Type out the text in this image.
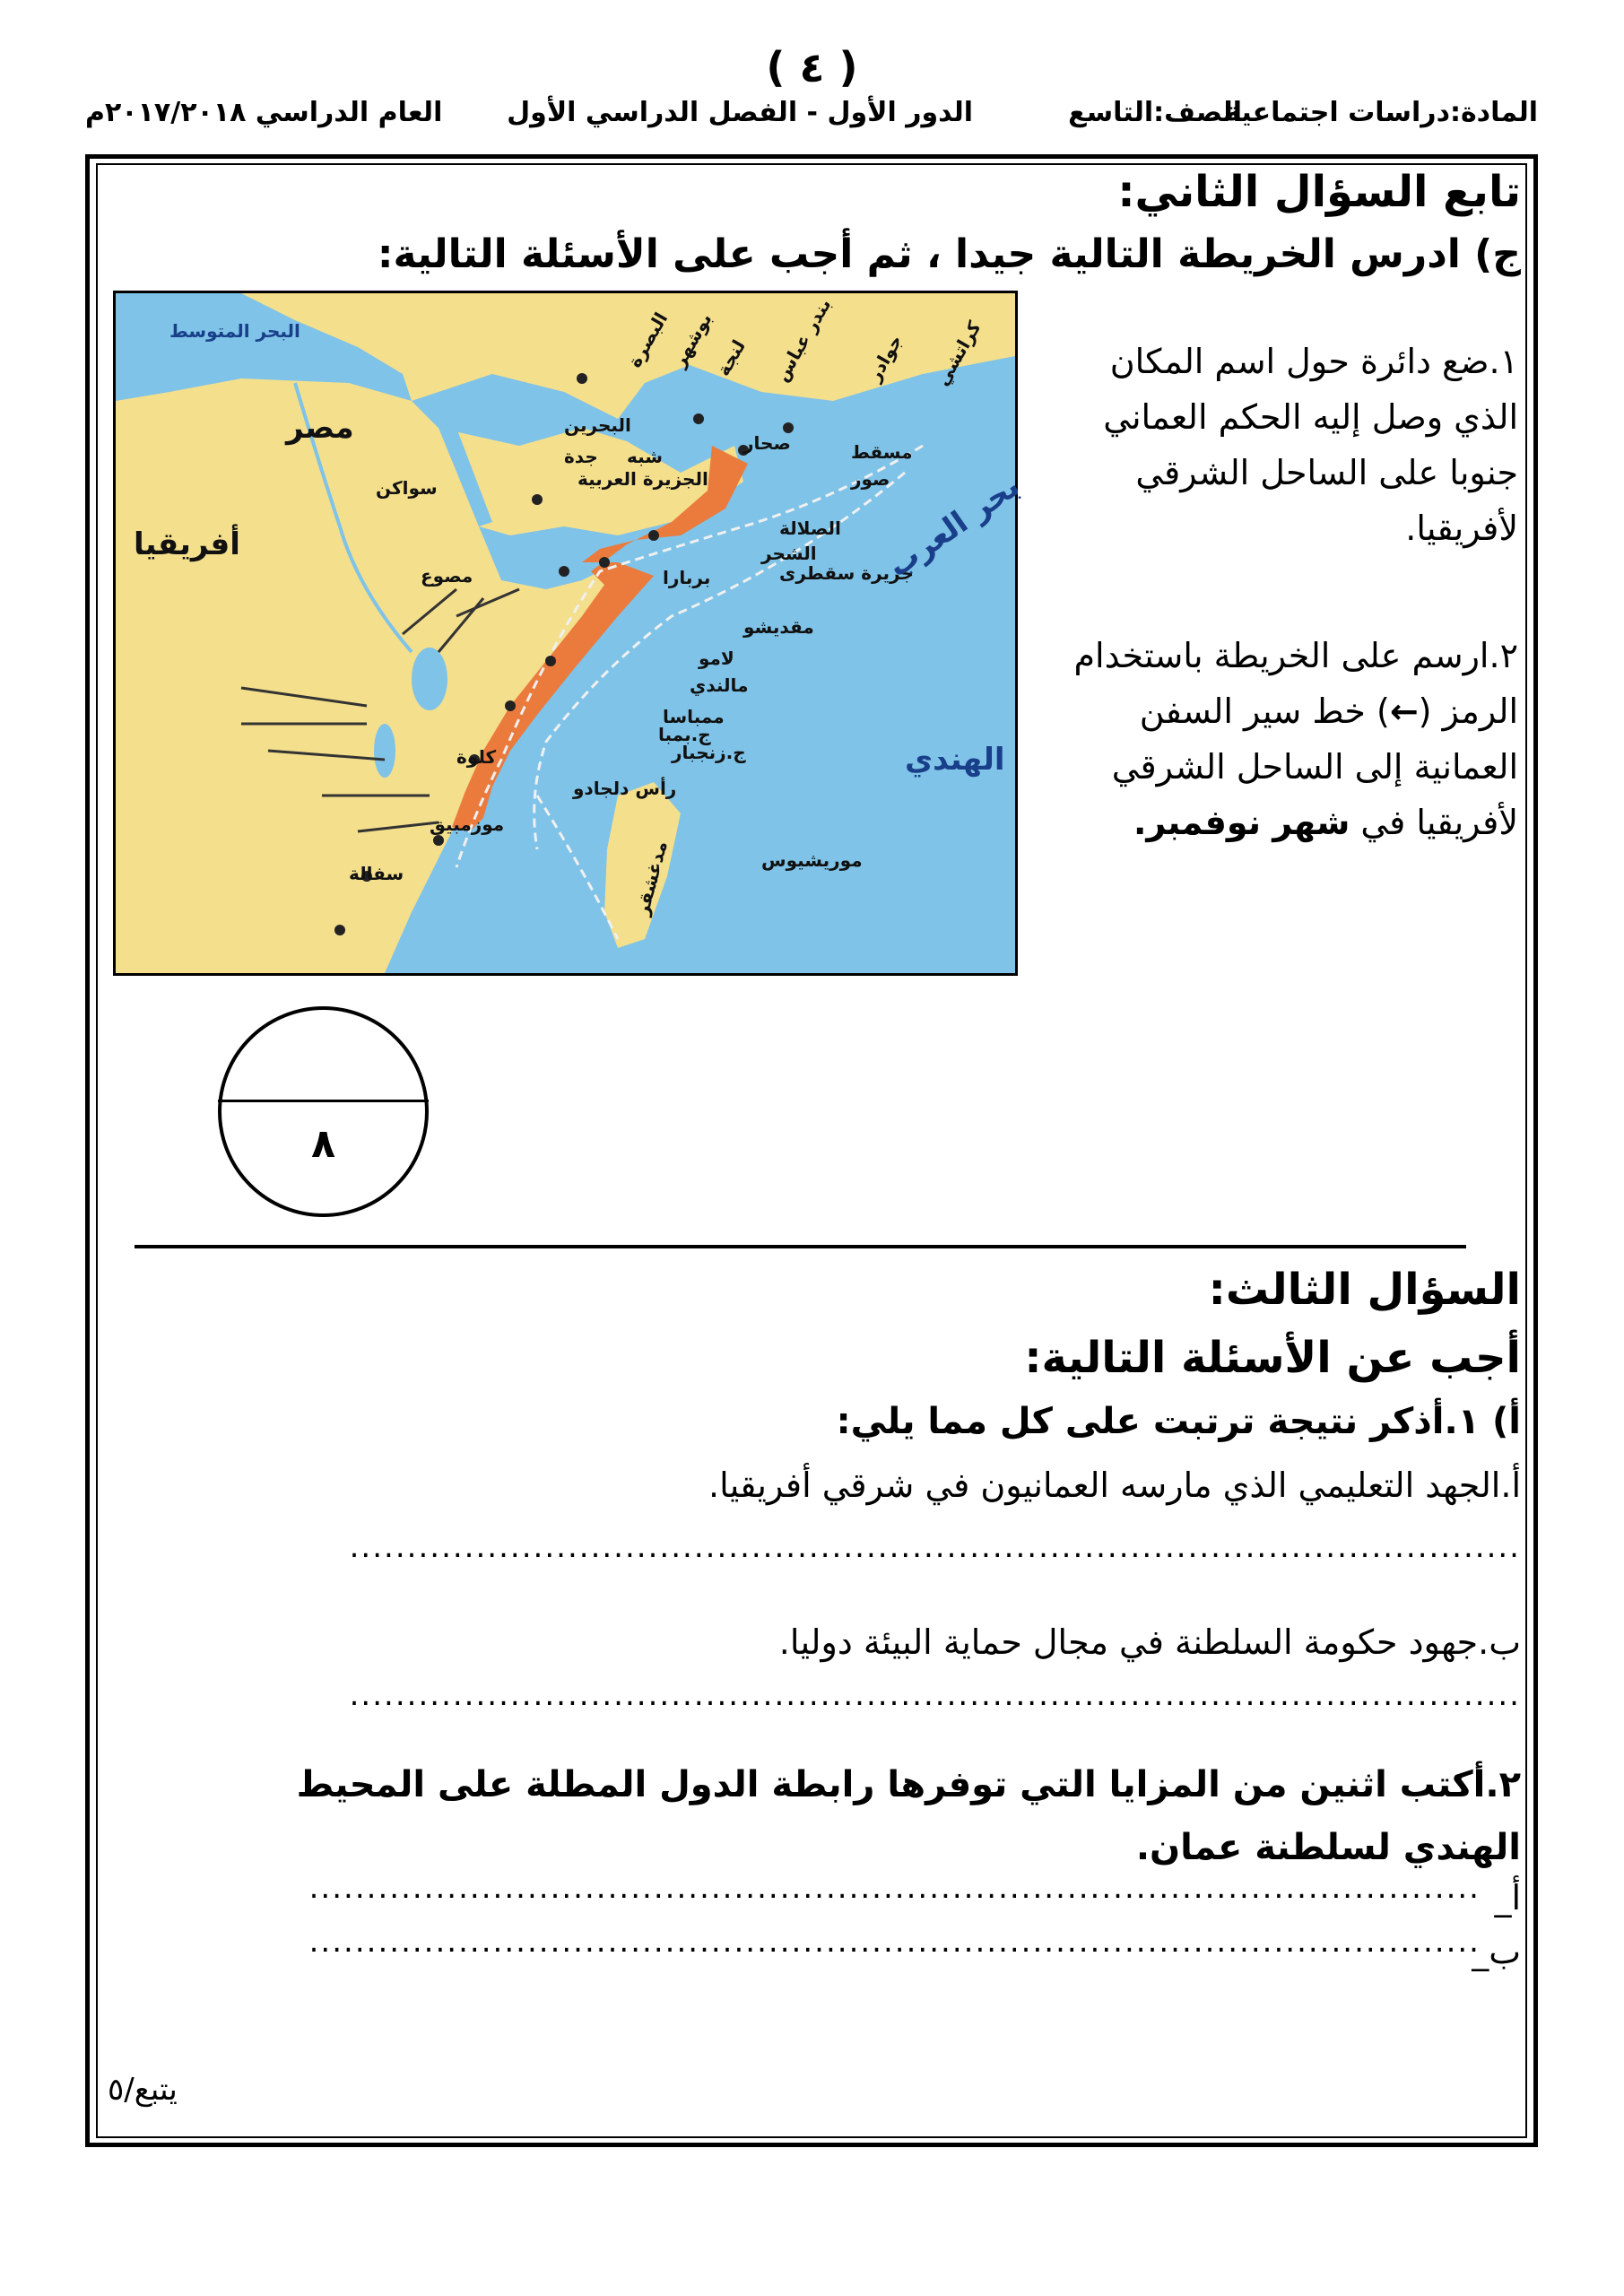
( ٤ )
المادة:دراسات اجتماعية
الصف:التاسع
الدور الأول - الفصل الدراسي الأول
العام الدراسي ٢٠١٧/٢٠١٨م
تابع السؤال الثاني:
ج) ادرس الخريطة التالية جيدا ، ثم أجب على الأسئلة التالية:
البحر المتوسط
مصر
أفريقيا
البحرين
الجزيرة العربية
جدة شبه
سواكن
مسقط
صور
صحار
الصلالة
الشحر
جزيرة سقطرى
بحر العرب
مصوع	بربارا
مقديشو
لامو
مالندي
ممباسا
ج.بمبا
ج.زنجبار
كلوة
رأس دلجادو
موزمبيق
سفالة	مدغشقر	موريشيوس
الهندي
البصرة
بوشهر	بندر عباس
لنجة	جوادر كراتشي	١.ضع دائرة حول اسم المكان الذي وصل إليه الحكم العماني جنوبا على الساحل الشرقي لأفريقيا.
٢.ارسم على الخريطة باستخدام الرمز (←) خط سير السفن العمانية إلى الساحل الشرقي لأفريقيا في شهر نوفمبر.
٨
السؤال الثالث:
أجب عن الأسئلة التالية:
أ) ١.أذكر نتيجة ترتبت على كل مما يلي:
أ.الجهد التعليمي الذي مارسه العمانيون في شرقي أفريقيا.
......................................................................................................
ب.جهود حكومة السلطنة في مجال حماية البيئة دوليا.
......................................................................................................
٢.أكتب اثنين من المزايا التي توفرها رابطة الدول المطلة على المحيط الهندي لسلطنة عمان.
أ_
......................................................................................................
ب_
......................................................................................................
يتبع/٥
